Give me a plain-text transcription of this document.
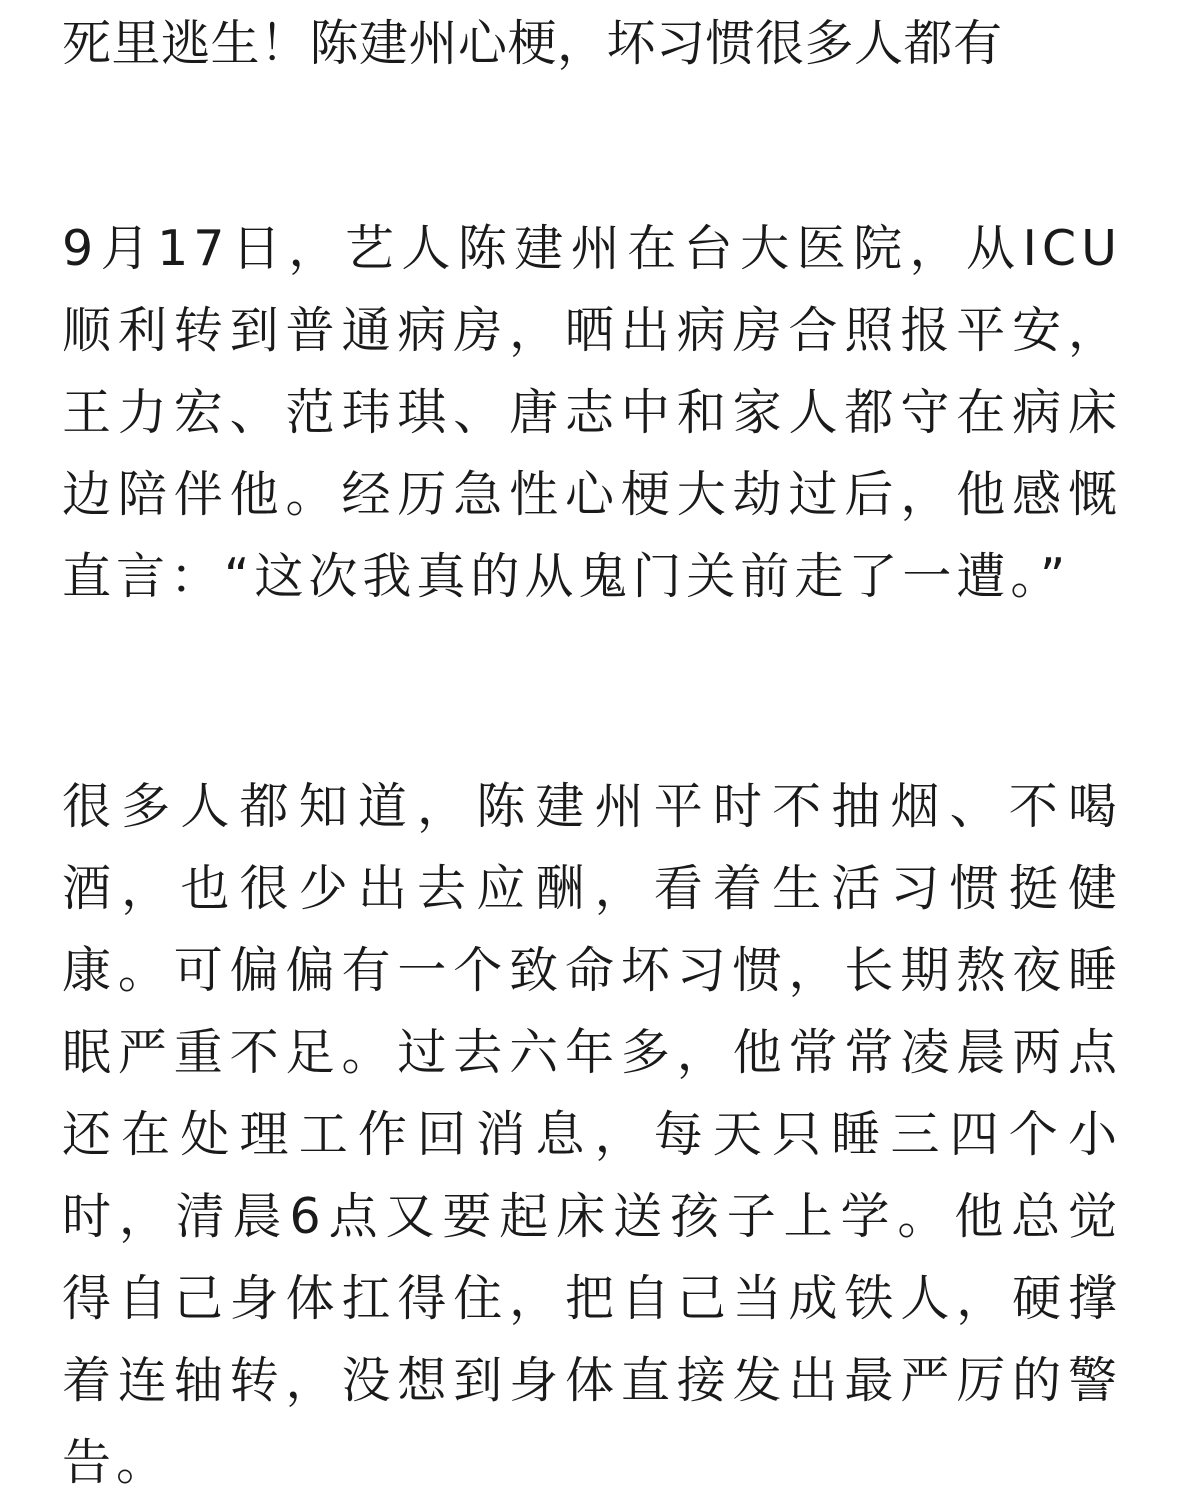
死里逃生！陈建州心梗，坏习惯很多人都有

9月17日，艺人陈建州在台大医院，从ICU顺利转到普通病房，晒出病房合照报平安，王力宏、范玮琪、唐志中和家人都守在病床边陪伴他。经历急性心梗大劫过后，他感慨直言：“这次我真的从鬼门关前走了一遭。”

很多人都知道，陈建州平时不抽烟、不喝酒，也很少出去应酬，看着生活习惯挺健康。可偏偏有一个致命坏习惯，长期熬夜睡眠严重不足。过去六年多，他常常凌晨两点还在处理工作回消息，每天只睡三四个小时，清晨6点又要起床送孩子上学。他总觉得自己身体扛得住，把自己当成铁人，硬撑着连轴转，没想到身体直接发出最严厉的警告。
